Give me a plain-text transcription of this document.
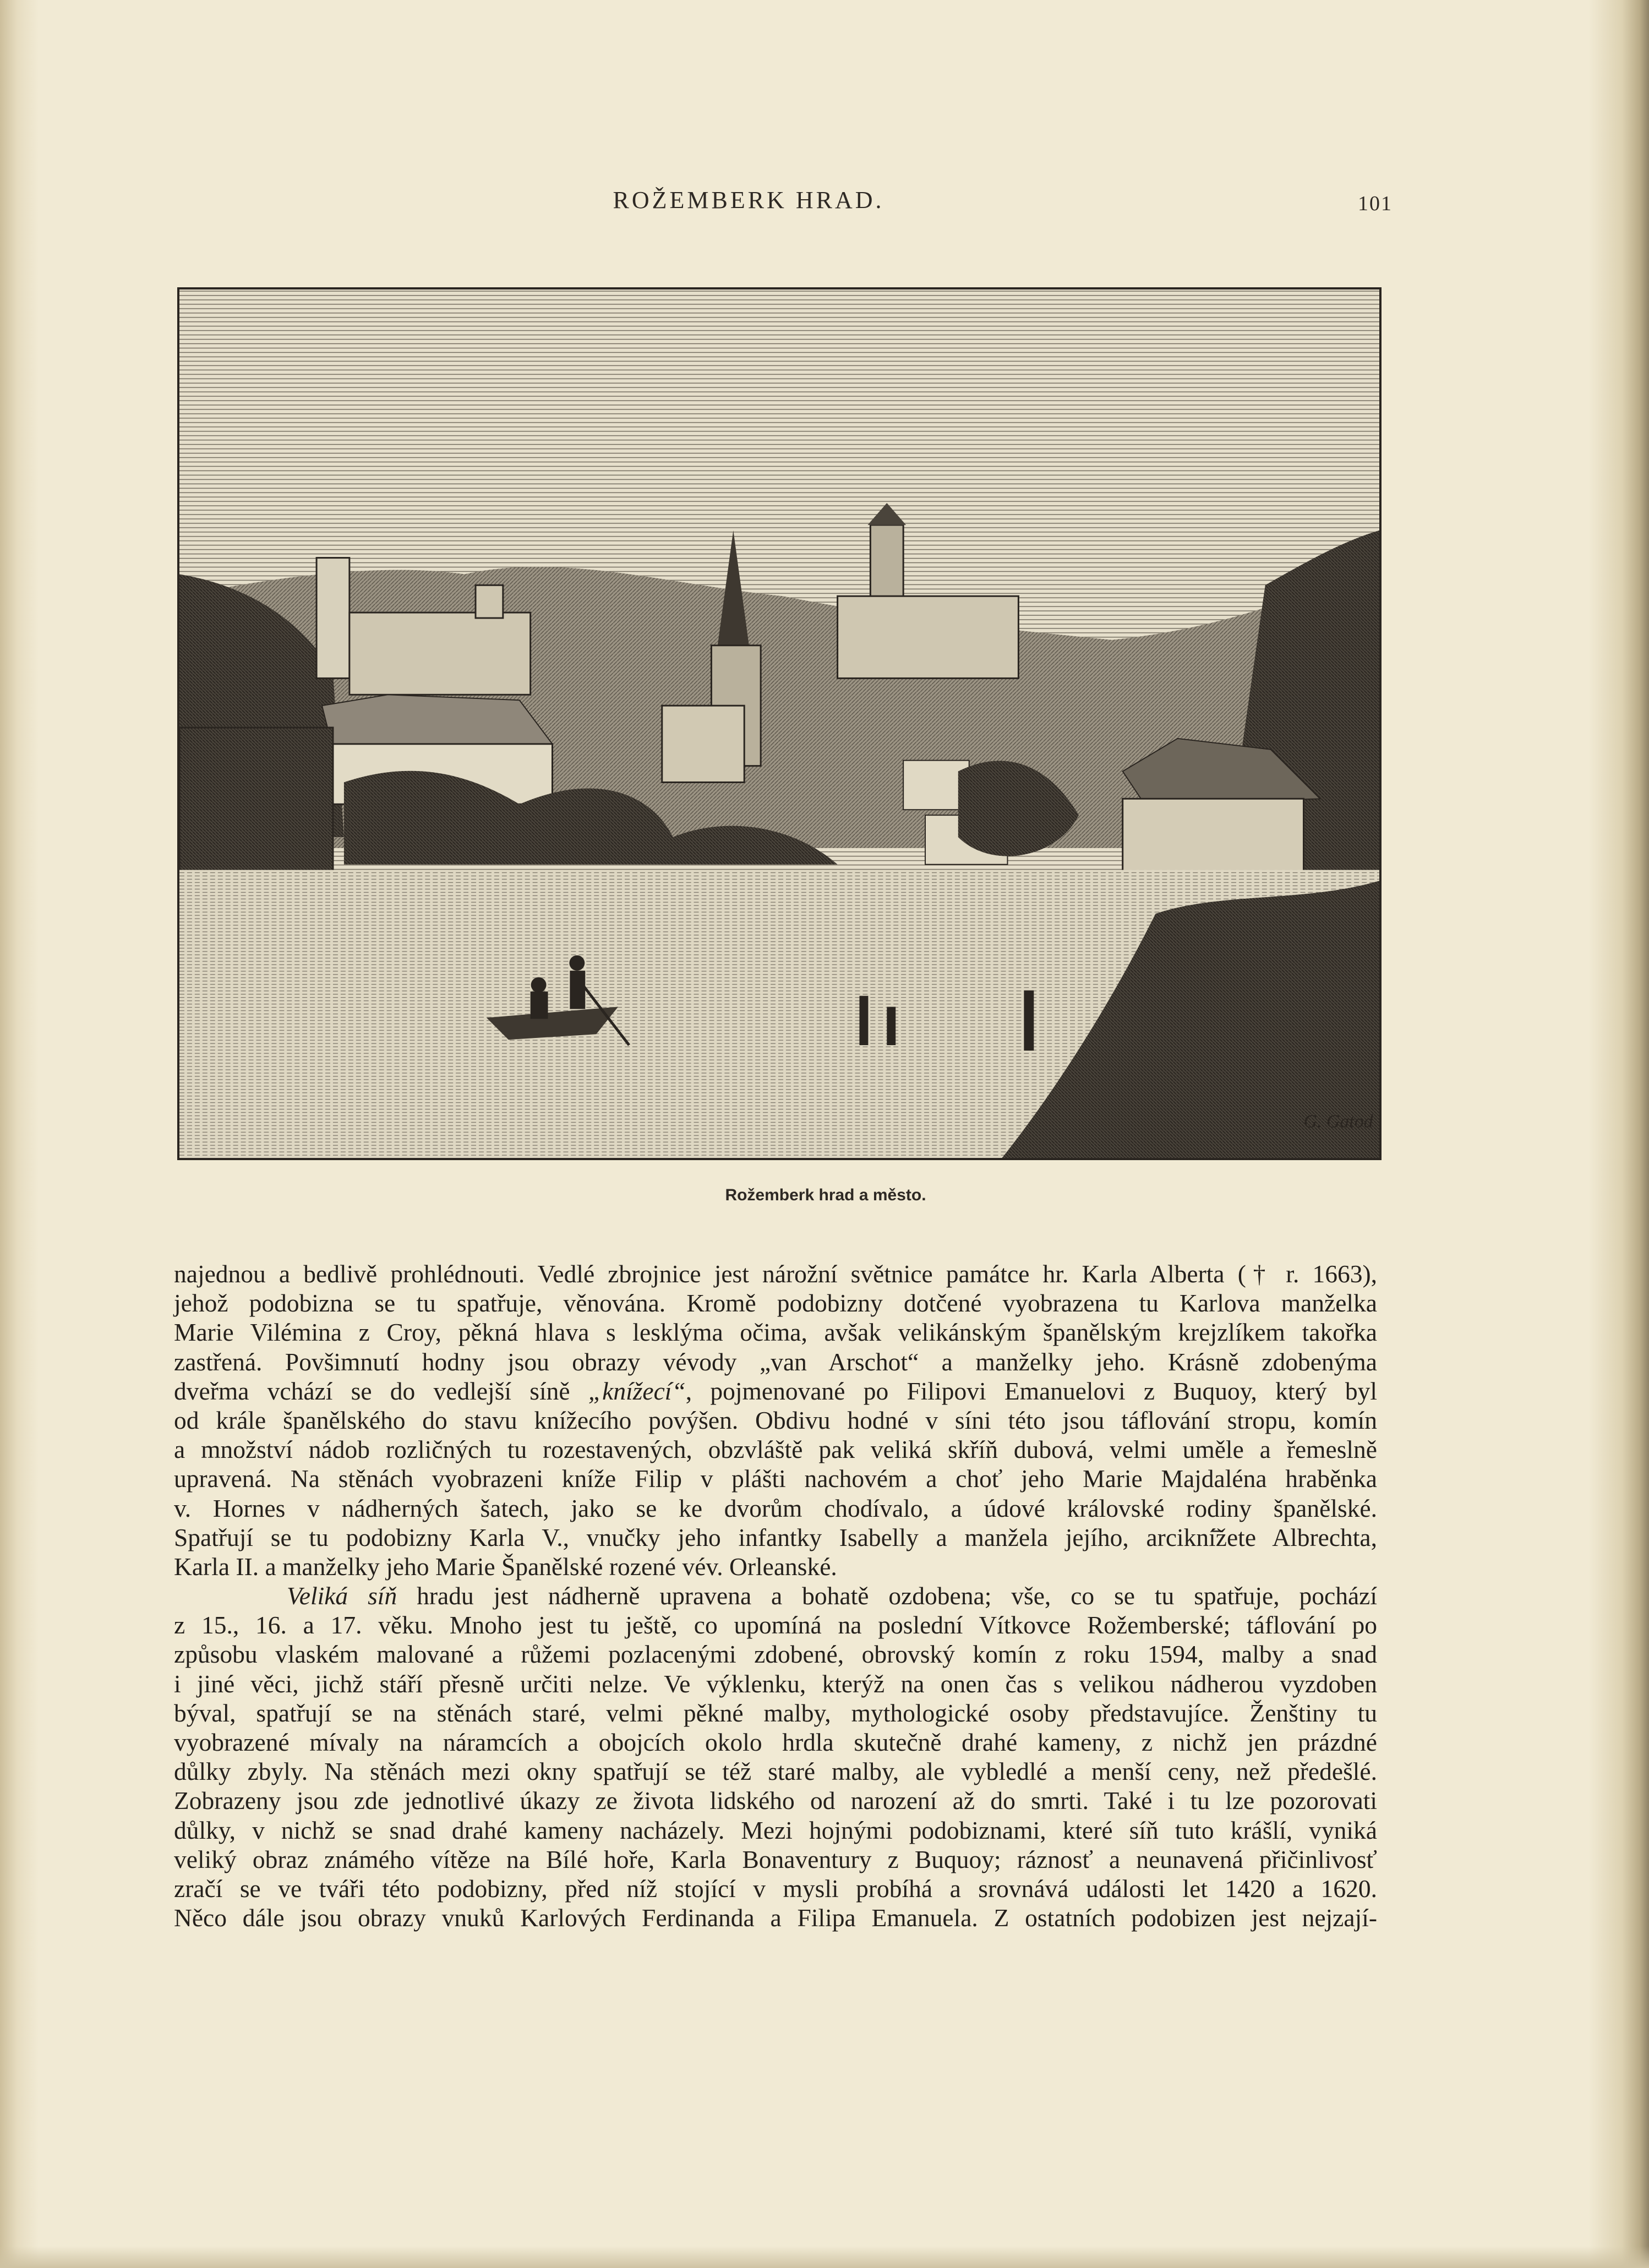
ROŽEMBERK HRAD.	101
G. Gatod
Rožemberk hrad a město.
najednou a bedlivě prohlédnouti. Vedlé zbrojnice jest nárožní světnice památce hr. Karla Alberta († r. 1663),
jehož podobizna se tu spatřuje, věnována. Kromě podobizny dotčené vyobrazena tu Karlova manželka
Marie Vilémina z Croy, pěkná hlava s lesklýma očima, avšak velikánským španělským krejzlíkem takořka
zastřená. Povšimnutí hodny jsou obrazy vévody „van Arschot“ a manželky jeho. Krásně zdobenýma
dveřma vchází se do vedlejší síně „knížecí“, pojmenované po Filipovi Emanuelovi z Buquoy, který byl
od krále španělského do stavu knížecího povýšen. Obdivu hodné v síni této jsou táflování stropu, komín
a množství nádob rozličných tu rozestavených, obzvláště pak veliká skříň dubová, velmi uměle a řemeslně
upravená. Na stěnách vyobrazeni kníže Filip v plášti nachovém a choť jeho Marie Majdaléna hraběnka
v. Hornes v nádherných šatech, jako se ke dvorům chodívalo, a údové královské rodiny španělské.
Spatřují se tu podobizny Karla V., vnučky jeho infantky Isabelly a manžela jejího, arcikní̄žete Albrechta,
Karla II. a manželky jeho Marie Španělské rozené vév. Orleanské.
Veliká síň hradu jest nádherně upravena a bohatě ozdobena; vše, co se tu spatřuje, pochází
z 15., 16. a 17. věku. Mnoho jest tu ještě, co upomíná na poslední Vítkovce Rožemberské; táflování po
způsobu vlaském malované a růžemi pozlacenými zdobené, obrovský komín z roku 1594, malby a snad
i jiné věci, jichž stáří přesně určiti nelze. Ve výklenku, kterýž na onen čas s velikou nádherou vyzdoben
býval, spatřují se na stěnách staré, velmi pěkné malby, mythologické osoby představujíce. Ženštiny tu
vyobrazené mívaly na náramcích a obojcích okolo hrdla skutečně drahé kameny, z nichž jen prázdné
důlky zbyly. Na stěnách mezi okny spatřují se též staré malby, ale vybledlé a menší ceny, než předešlé.
Zobrazeny jsou zde jednotlivé úkazy ze života lidského od narození až do smrti. Také i tu lze pozorovati
důlky, v nichž se snad drahé kameny nacházely. Mezi hojnými podobiznami, které síň tuto krášlí, vyniká
veliký obraz známého vítěze na Bílé hoře, Karla Bonaventury z Buquoy; ráznosť a neunavená přičinlivosť
zračí se ve tváři této podobizny, před níž stojící v mysli probíhá a srovnává události let 1420 a 1620.
Něco dále jsou obrazy vnuků Karlových Ferdinanda a Filipa Emanuela. Z ostatních podobizen jest nejzají-
